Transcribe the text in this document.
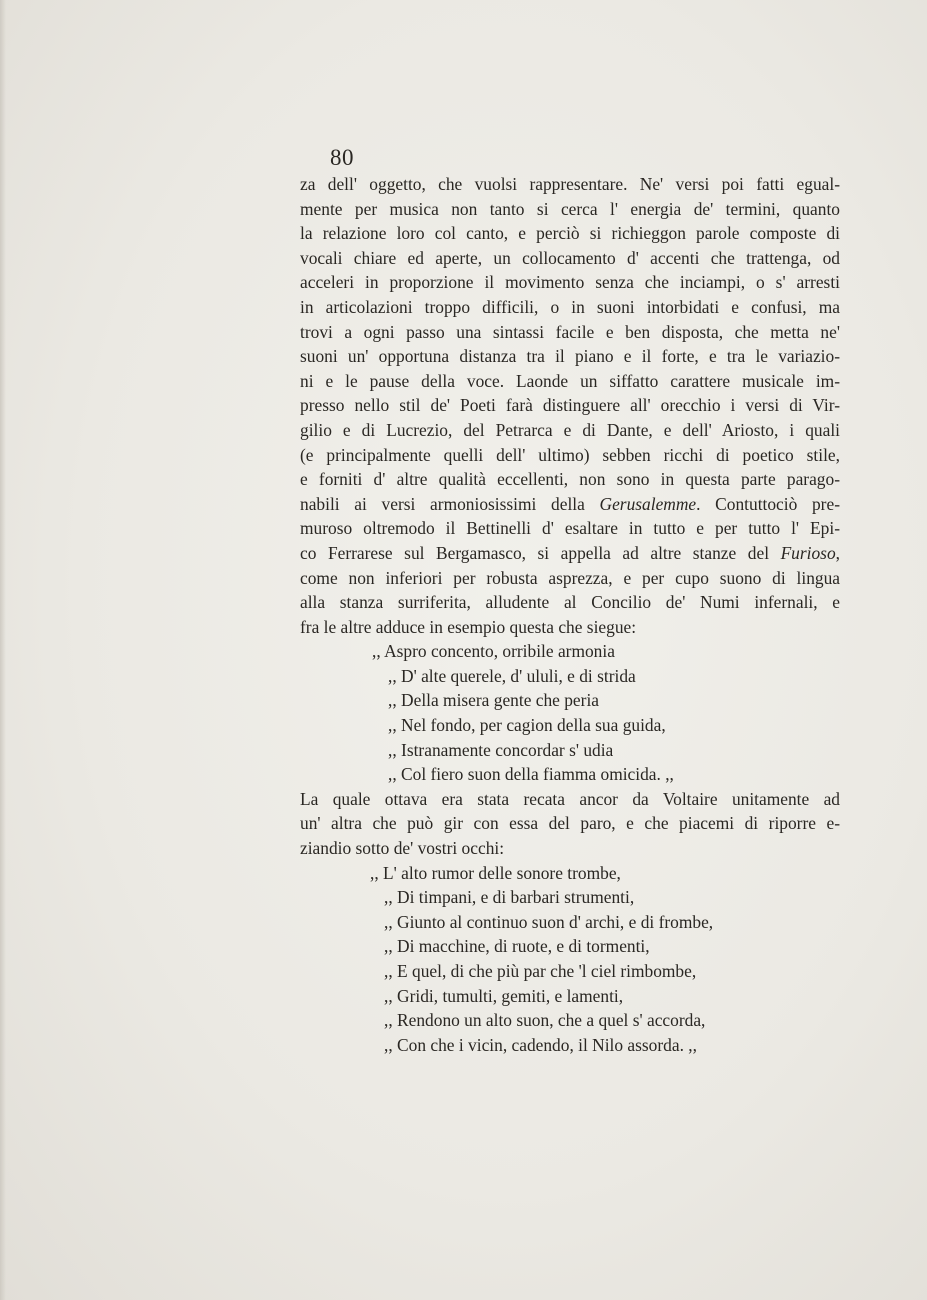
80
za dell' oggetto, che vuolsi rappresentare. Ne' versi poi fatti egual-
mente per musica non tanto si cerca l' energia de' termini, quanto
la relazione loro col canto, e perciò si richieggon parole composte di
vocali chiare ed aperte, un collocamento d' accenti che trattenga, od
acceleri in proporzione il movimento senza che inciampi, o s' arresti
in articolazioni troppo difficili, o in suoni intorbidati e confusi, ma
trovi a ogni passo una sintassi facile e ben disposta, che metta ne'
suoni un' opportuna distanza tra il piano e il forte, e tra le variazio-
ni e le pause della voce. Laonde un siffatto carattere musicale im-
presso nello stil de' Poeti farà distinguere all' orecchio i versi di Vir-
gilio e di Lucrezio, del Petrarca e di Dante, e dell' Ariosto, i quali
(e principalmente quelli dell' ultimo) sebben ricchi di poetico stile,
e forniti d' altre qualità eccellenti, non sono in questa parte parago-
nabili ai versi armoniosissimi della Gerusalemme. Contuttociò pre-
muroso oltremodo il Bettinelli d' esaltare in tutto e per tutto l' Epi-
co Ferrarese sul Bergamasco, si appella ad altre stanze del Furioso,
come non inferiori per robusta asprezza, e per cupo suono di lingua
alla stanza surriferita, alludente al Concilio de' Numi infernali, e
fra le altre adduce in esempio questa che siegue:
,, Aspro concento, orribile armonia
,, D' alte querele, d' ululi, e di strida
,, Della misera gente che peria
,, Nel fondo, per cagion della sua guida,
,, Istranamente concordar s' udia
,, Col fiero suon della fiamma omicida. ,,
La quale ottava era stata recata ancor da Voltaire unitamente ad
un' altra che può gir con essa del paro, e che piacemi di riporre e-
ziandio sotto de' vostri occhi:
,, L' alto rumor delle sonore trombe,
,, Di timpani, e di barbari strumenti,
,, Giunto al continuo suon d' archi, e di frombe,
,, Di macchine, di ruote, e di tormenti,
,, E quel, di che più par che 'l ciel rimbombe,
,, Gridi, tumulti, gemiti, e lamenti,
,, Rendono un alto suon, che a quel s' accorda,
,, Con che i vicin, cadendo, il Nilo assorda. ,,
